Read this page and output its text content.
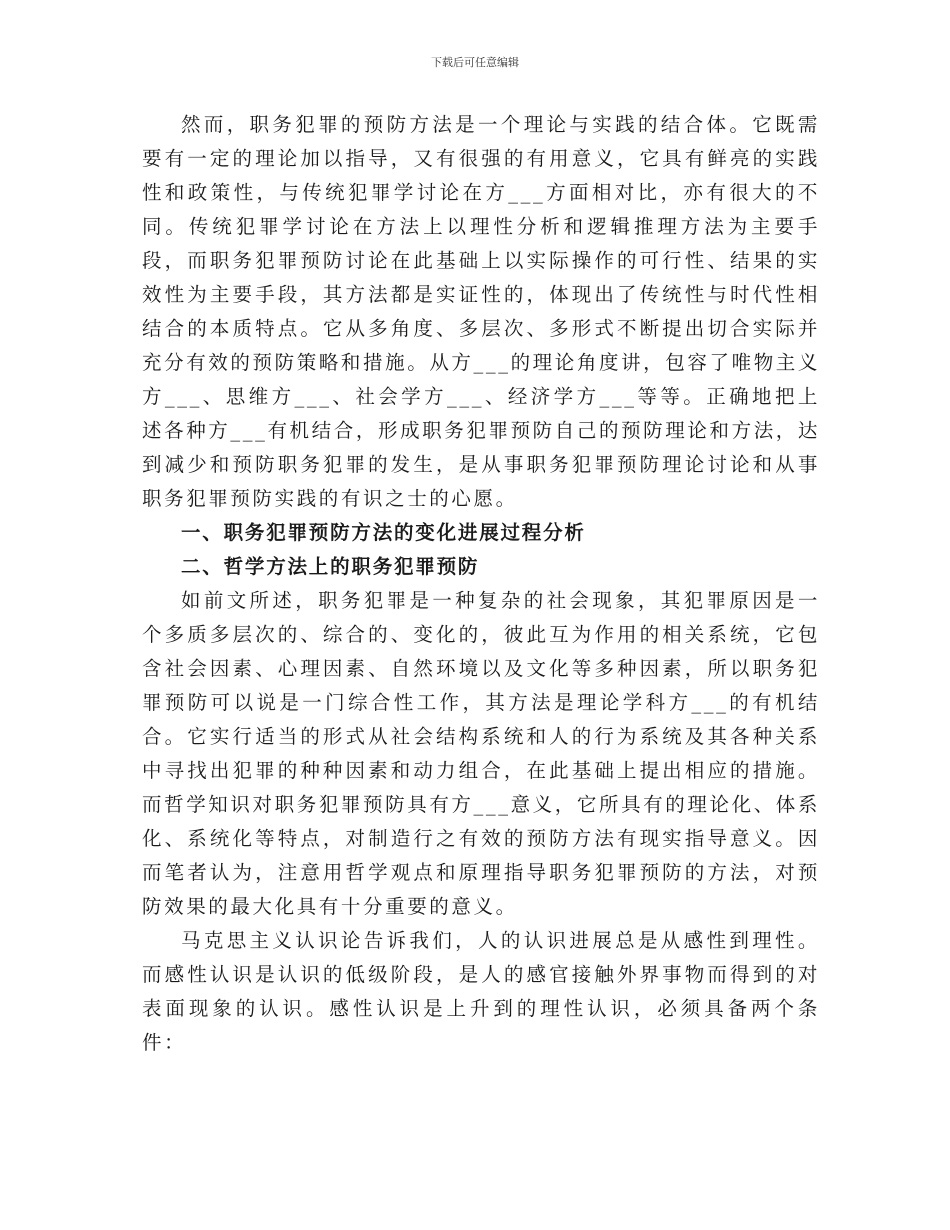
下载后可任意编辑

然而，职务犯罪的预防方法是一个理论与实践的结合体。它既需要有一定的理论加以指导，又有很强的有用意义，它具有鲜亮的实践性和政策性，与传统犯罪学讨论在方___方面相对比，亦有很大的不同。传统犯罪学讨论在方法上以理性分析和逻辑推理方法为主要手段，而职务犯罪预防讨论在此基础上以实际操作的可行性、结果的实效性为主要手段，其方法都是实证性的，体现出了传统性与时代性相结合的本质特点。它从多角度、多层次、多形式不断提出切合实际并充分有效的预防策略和措施。从方___的理论角度讲，包容了唯物主义方___、思维方___、社会学方___、经济学方___等等。正确地把上述各种方___有机结合，形成职务犯罪预防自己的预防理论和方法，达到减少和预防职务犯罪的发生，是从事职务犯罪预防理论讨论和从事职务犯罪预防实践的有识之士的心愿。

一、职务犯罪预防方法的变化进展过程分析

二、哲学方法上的职务犯罪预防

如前文所述，职务犯罪是一种复杂的社会现象，其犯罪原因是一个多质多层次的、综合的、变化的，彼此互为作用的相关系统，它包含社会因素、心理因素、自然环境以及文化等多种因素，所以职务犯罪预防可以说是一门综合性工作，其方法是理论学科方___的有机结合。它实行适当的形式从社会结构系统和人的行为系统及其各种关系中寻找出犯罪的种种因素和动力组合，在此基础上提出相应的措施。而哲学知识对职务犯罪预防具有方___意义，它所具有的理论化、体系化、系统化等特点，对制造行之有效的预防方法有现实指导意义。因而笔者认为，注意用哲学观点和原理指导职务犯罪预防的方法，对预防效果的最大化具有十分重要的意义。

马克思主义认识论告诉我们，人的认识进展总是从感性到理性。而感性认识是认识的低级阶段，是人的感官接触外界事物而得到的对表面现象的认识。感性认识是上升到的理性认识，必须具备两个条件：
